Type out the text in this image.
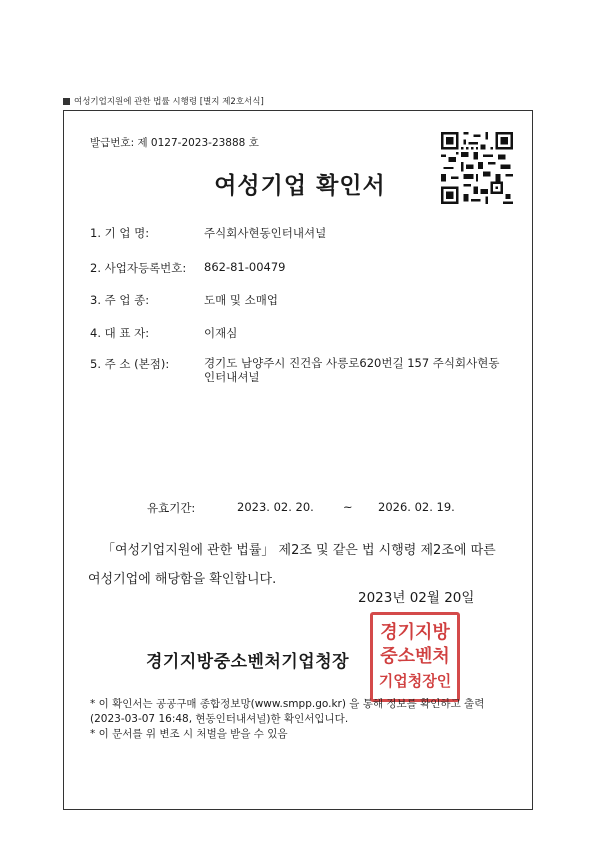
여성기업지원에 관한 법률 시행령 [별지 제2호서식]
발급번호: 제 0127-2023-23888 호
여성기업 확인서
1. 기 업 명:	주식회사현동인터내셔널
2. 사업자등록번호: 862-81-00479
3. 주 업 종:	도매 및 소매업
4. 대 표 자:	이재심
5. 주 소 (본점):	경기도 남양주시 진건읍 사릉로620번길 157 주식회사현동인터내셔널
유효기간:	2023. 02. 20.	~ 2026. 02. 19.
「여성기업지원에 관한 법률」 제2조 및 같은 법 시행령 제2조에 따른
여성기업에 해당함을 확인합니다.
2023년 02월 20일
경기지방중소벤처기업청장
경기지방
중소벤처
기업청장인
* 이 확인서는 공공구매 종합정보망(www.smpp.go.kr) 을 통해 정보를 확인하고 출력(2023-03-07 16:48, 현동인터내셔널)한 확인서입니다.
* 이 문서를 위 변조 시 처벌을 받을 수 있음
